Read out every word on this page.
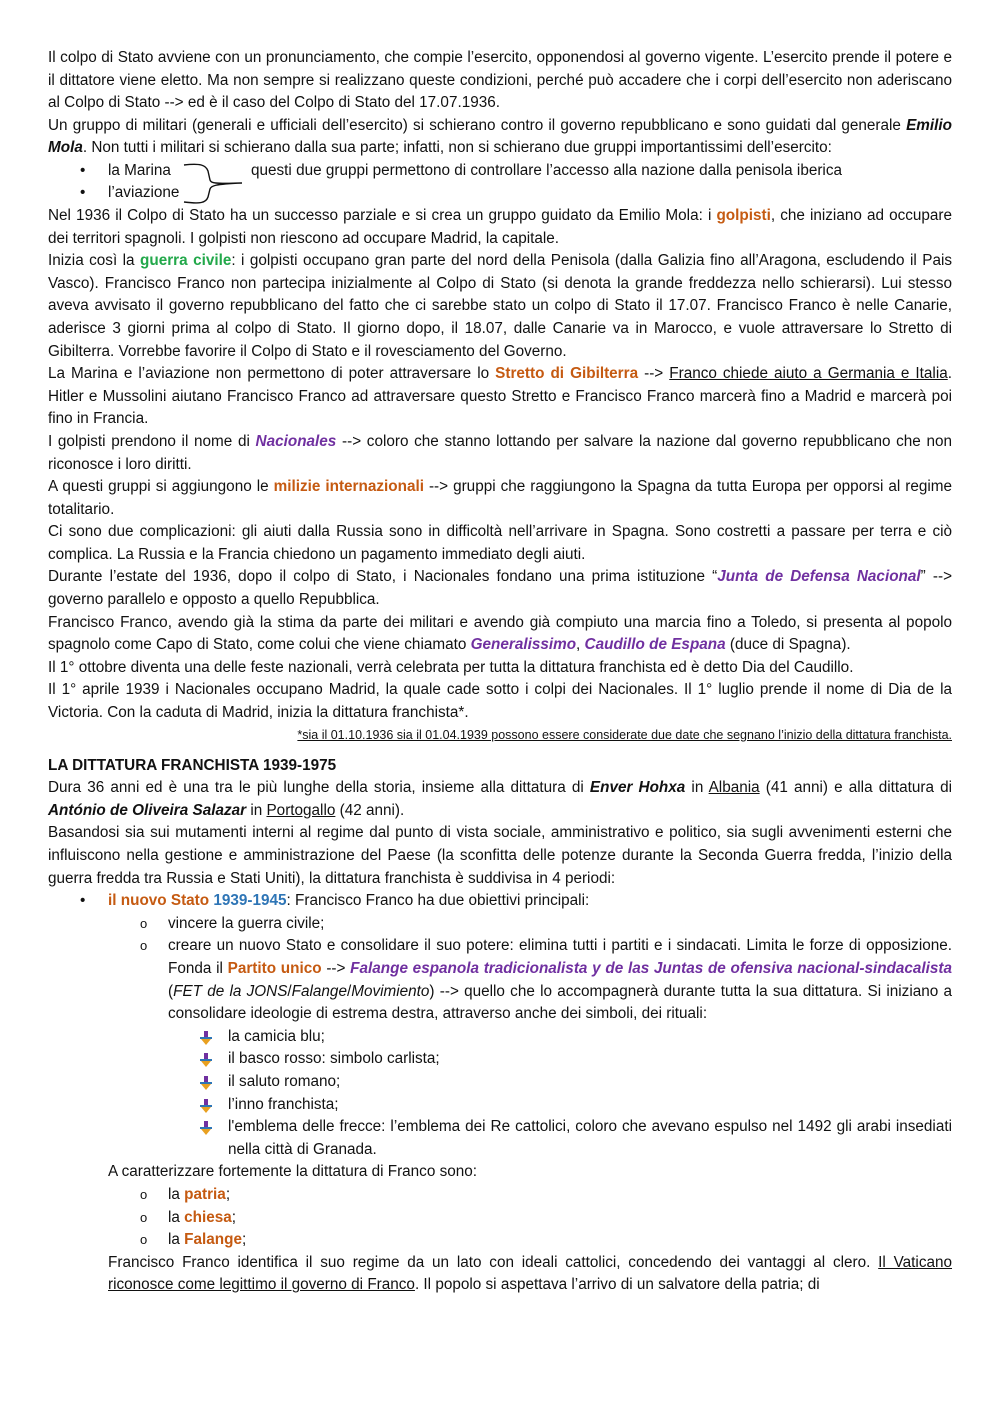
Il colpo di Stato avviene con un pronunciamento, che compie l’esercito, opponendosi al governo vigente. L’esercito prende il potere e il dittatore viene eletto. Ma non sempre si realizzano queste condizioni, perché può accadere che i corpi dell’esercito non aderiscano al Colpo di Stato --> ed è il caso del Colpo di Stato del 17.07.1936.

Un gruppo di militari (generali e ufficiali dell’esercito) si schierano contro il governo repubblicano e sono guidati dal generale Emilio Mola. Non tutti i militari si schierano dalla sua parte; infatti, non si schierano due gruppi importantissimi dell’esercito:

• la Marina
• l’aviazione
questi due gruppi permettono di controllare l’accesso alla nazione dalla penisola iberica

Nel 1936 il Colpo di Stato ha un successo parziale e si crea un gruppo guidato da Emilio Mola: i golpisti, che iniziano ad occupare dei territori spagnoli. I golpisti non riescono ad occupare Madrid, la capitale.

Inizia così la guerra civile: i golpisti occupano gran parte del nord della Penisola (dalla Galizia fino all’Aragona, escludendo il Pais Vasco). Francisco Franco non partecipa inizialmente al Colpo di Stato (si denota la grande freddezza nello schierarsi). Lui stesso aveva avvisato il governo repubblicano del fatto che ci sarebbe stato un colpo di Stato il 17.07. Francisco Franco è nelle Canarie, aderisce 3 giorni prima al colpo di Stato. Il giorno dopo, il 18.07, dalle Canarie va in Marocco, e vuole attraversare lo Stretto di Gibilterra. Vorrebbe favorire il Colpo di Stato e il rovesciamento del Governo.

La Marina e l’aviazione non permettono di poter attraversare lo Stretto di Gibilterra --> Franco chiede aiuto a Germania e Italia. Hitler e Mussolini aiutano Francisco Franco ad attraversare questo Stretto e Francisco Franco marcerà fino a Madrid e marcerà poi fino in Francia.

I golpisti prendono il nome di Nacionales --> coloro che stanno lottando per salvare la nazione dal governo repubblicano che non riconosce i loro diritti.

A questi gruppi si aggiungono le milizie internazionali --> gruppi che raggiungono la Spagna da tutta Europa per opporsi al regime totalitario.

Ci sono due complicazioni: gli aiuti dalla Russia sono in difficoltà nell’arrivare in Spagna. Sono costretti a passare per terra e ciò complica. La Russia e la Francia chiedono un pagamento immediato degli aiuti.

Durante l’estate del 1936, dopo il colpo di Stato, i Nacionales fondano una prima istituzione “Junta de Defensa Nacional” --> governo parallelo e opposto a quello Repubblica.

Francisco Franco, avendo già la stima da parte dei militari e avendo già compiuto una marcia fino a Toledo, si presenta al popolo spagnolo come Capo di Stato, come colui che viene chiamato Generalissimo, Caudillo de Espana (duce di Spagna).

Il 1° ottobre diventa una delle feste nazionali, verrà celebrata per tutta la dittatura franchista ed è detto Dia del Caudillo.

Il 1° aprile 1939 i Nacionales occupano Madrid, la quale cade sotto i colpi dei Nacionales. Il 1° luglio prende il nome di Dia de la Victoria. Con la caduta di Madrid, inizia la dittatura franchista*.

*sia il 01.10.1936 sia il 01.04.1939 possono essere considerate due date che segnano l’inizio della dittatura franchista.

LA DITTATURA FRANCHISTA 1939-1975

Dura 36 anni ed è una tra le più lunghe della storia, insieme alla dittatura di Enver Hohxa in Albania (41 anni) e alla dittatura di António de Oliveira Salazar in Portogallo (42 anni).

Basandosi sia sui mutamenti interni al regime dal punto di vista sociale, amministrativo e politico, sia sugli avvenimenti esterni che influiscono nella gestione e amministrazione del Paese (la sconfitta delle potenze durante la Seconda Guerra fredda, l’inizio della guerra fredda tra Russia e Stati Uniti), la dittatura franchista è suddivisa in 4 periodi:

• il nuovo Stato 1939-1945: Francisco Franco ha due obiettivi principali:
o vincere la guerra civile;
o creare un nuovo Stato e consolidare il suo potere: elimina tutti i partiti e i sindacati. Limita le forze di opposizione. Fonda il Partito unico --> Falange espanola tradicionalista y de las Juntas de ofensiva nacional-sindacalista (FET de la JONS/Falange/Movimiento) --> quello che lo accompagnerà durante tutta la sua dittatura. Si iniziano a consolidare ideologie di estrema destra, attraverso anche dei simboli, dei rituali:
la camicia blu;
il basco rosso: simbolo carlista;
il saluto romano;
l’inno franchista;
l'emblema delle frecce: l’emblema dei Re cattolici, coloro che avevano espulso nel 1492 gli arabi insediati nella città di Granada.

A caratterizzare fortemente la dittatura di Franco sono:

o la patria;
o la chiesa;
o la Falange;

Francisco Franco identifica il suo regime da un lato con ideali cattolici, concedendo dei vantaggi al clero. Il Vaticano riconosce come legittimo il governo di Franco. Il popolo si aspettava l’arrivo di un salvatore della patria; di
